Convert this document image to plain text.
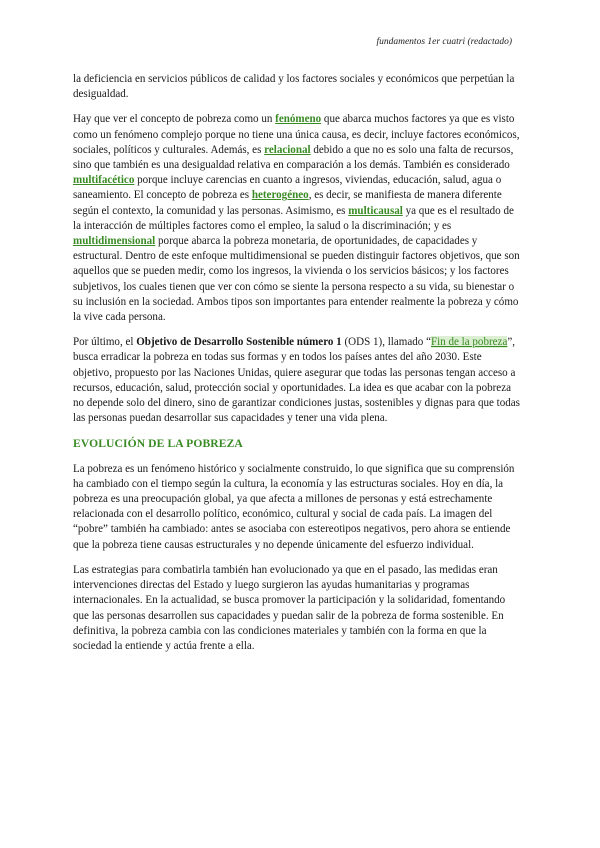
fundamentos 1er cuatri (redactado)

la deficiencia en servicios públicos de calidad y los factores sociales y económicos que perpetúan la desigualdad.

Hay que ver el concepto de pobreza como un fenómeno que abarca muchos factores ya que es visto como un fenómeno complejo porque no tiene una única causa, es decir, incluye factores económicos, sociales, políticos y culturales. Además, es relacional debido a que no es solo una falta de recursos, sino que también es una desigualdad relativa en comparación a los demás. También es considerado multifacético porque incluye carencias en cuanto a ingresos, viviendas, educación, salud, agua o saneamiento. El concepto de pobreza es heterogéneo, es decir, se manifiesta de manera diferente según el contexto, la comunidad y las personas. Asimismo, es multicausal ya que es el resultado de la interacción de múltiples factores como el empleo, la salud o la discriminación; y es multidimensional porque abarca la pobreza monetaria, de oportunidades, de capacidades y estructural. Dentro de este enfoque multidimensional se pueden distinguir factores objetivos, que son aquellos que se pueden medir, como los ingresos, la vivienda o los servicios básicos; y los factores subjetivos, los cuales tienen que ver con cómo se siente la persona respecto a su vida, su bienestar o su inclusión en la sociedad. Ambos tipos son importantes para entender realmente la pobreza y cómo la vive cada persona.

Por último, el Objetivo de Desarrollo Sostenible número 1 (ODS 1), llamado “Fin de la pobreza”, busca erradicar la pobreza en todas sus formas y en todos los países antes del año 2030. Este objetivo, propuesto por las Naciones Unidas, quiere asegurar que todas las personas tengan acceso a recursos, educación, salud, protección social y oportunidades. La idea es que acabar con la pobreza no depende solo del dinero, sino de garantizar condiciones justas, sostenibles y dignas para que todas las personas puedan desarrollar sus capacidades y tener una vida plena.

EVOLUCIÓN DE LA POBREZA

La pobreza es un fenómeno histórico y socialmente construido, lo que significa que su comprensión ha cambiado con el tiempo según la cultura, la economía y las estructuras sociales. Hoy en día, la pobreza es una preocupación global, ya que afecta a millones de personas y está estrechamente relacionada con el desarrollo político, económico, cultural y social de cada país. La imagen del “pobre” también ha cambiado: antes se asociaba con estereotipos negativos, pero ahora se entiende que la pobreza tiene causas estructurales y no depende únicamente del esfuerzo individual.

Las estrategias para combatirla también han evolucionado ya que en el pasado, las medidas eran intervenciones directas del Estado y luego surgieron las ayudas humanitarias y programas internacionales. En la actualidad, se busca promover la participación y la solidaridad, fomentando que las personas desarrollen sus capacidades y puedan salir de la pobreza de forma sostenible. En definitiva, la pobreza cambia con las condiciones materiales y también con la forma en que la sociedad la entiende y actúa frente a ella.
